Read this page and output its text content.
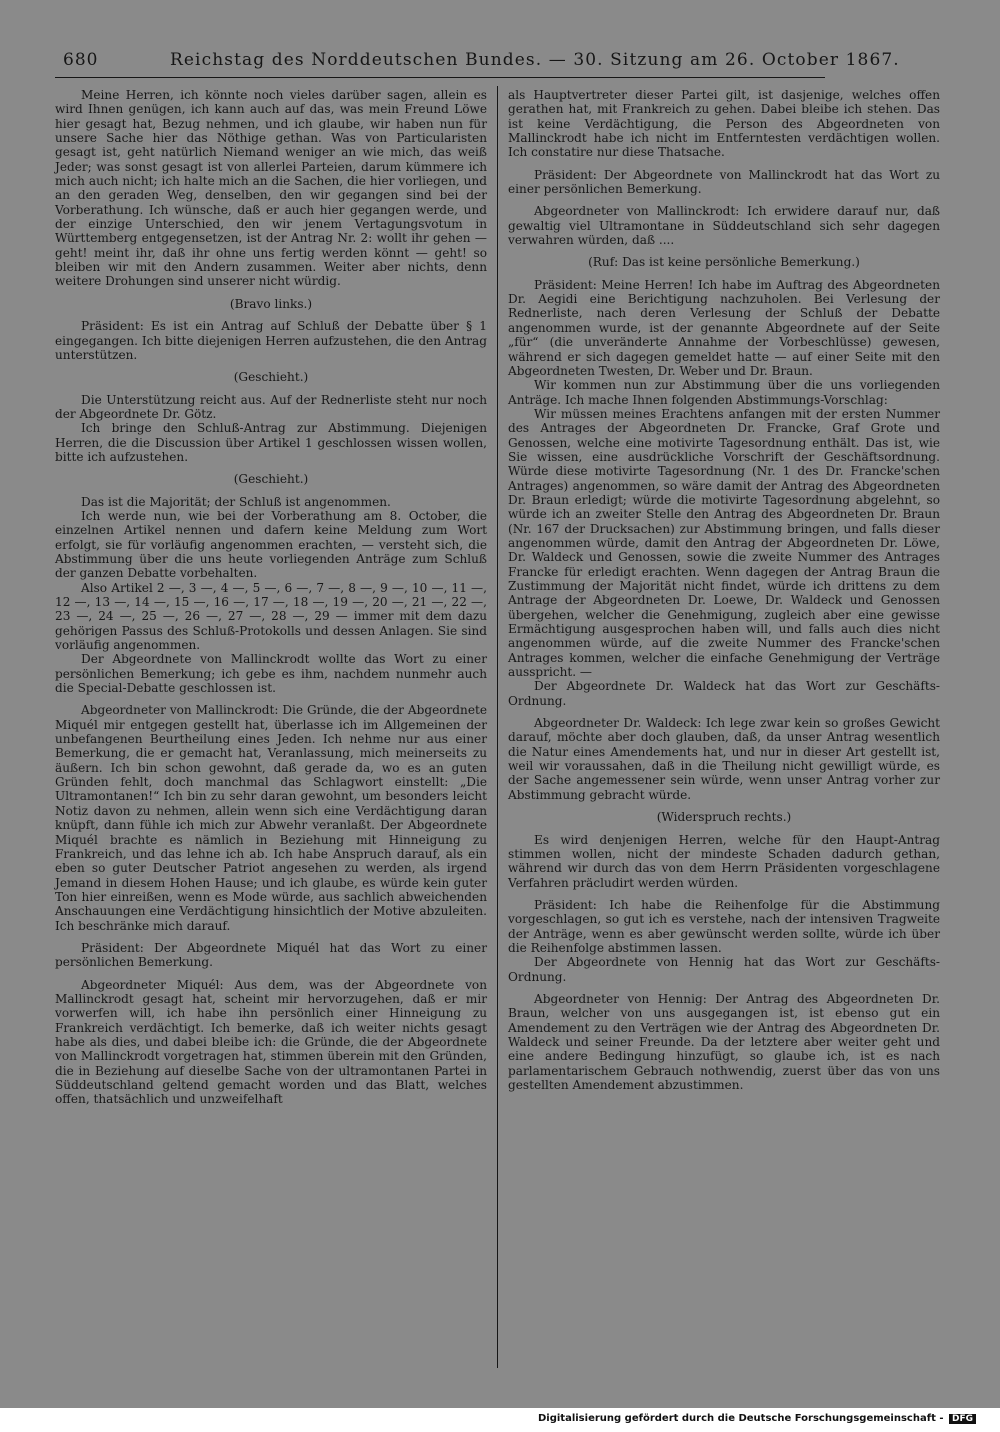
680	Reichstag des Norddeutschen Bundes. — 30. Sitzung am 26. October 1867.

Meine Herren, ich könnte noch vieles darüber sagen, allein es wird Ihnen genügen, ich kann auch auf das, was mein Freund Löwe hier gesagt hat, Bezug nehmen, und ich glaube, wir haben nun für unsere Sache hier das Nöthige gethan. Was von Particularisten gesagt ist, geht natürlich Niemand weniger an wie mich, das weiß Jeder; was sonst gesagt ist von allerlei Parteien, darum kümmere ich mich auch nicht; ich halte mich an die Sachen, die hier vorliegen, und an den geraden Weg, denselben, den wir gegangen sind bei der Vorberathung. Ich wünsche, daß er auch hier gegangen werde, und der einzige Unterschied, den wir jenem Vertagungsvotum in Württemberg entgegensetzen, ist der Antrag Nr. 2: wollt ihr gehen — geht! meint ihr, daß ihr ohne uns fertig werden könnt — geht! so bleiben wir mit den Andern zusammen. Weiter aber nichts, denn weitere Drohungen sind unserer nicht würdig.

(Bravo links.)

Präsident: Es ist ein Antrag auf Schluß der Debatte über § 1 eingegangen. Ich bitte diejenigen Herren aufzustehen, die den Antrag unterstützen.

(Geschieht.)

Die Unterstützung reicht aus. Auf der Rednerliste steht nur noch der Abgeordnete Dr. Götz.

Ich bringe den Schluß-Antrag zur Abstimmung. Diejenigen Herren, die die Discussion über Artikel 1 geschlossen wissen wollen, bitte ich aufzustehen.

(Geschieht.)

Das ist die Majorität; der Schluß ist angenommen.

Ich werde nun, wie bei der Vorberathung am 8. October, die einzelnen Artikel nennen und dafern keine Meldung zum Wort erfolgt, sie für vorläufig angenommen erachten, — versteht sich, die Abstimmung über die uns heute vorliegenden Anträge zum Schluß der ganzen Debatte vorbehalten.

Also Artikel 2 —, 3 —, 4 —, 5 —, 6 —, 7 —, 8 —, 9 —, 10 —, 11 —, 12 —, 13 —, 14 —, 15 —, 16 —, 17 —, 18 —, 19 —, 20 —, 21 —, 22 —, 23 —, 24 —, 25 —, 26 —, 27 —, 28 —, 29 — immer mit dem dazu gehörigen Passus des Schluß-Protokolls und dessen Anlagen. Sie sind vorläufig angenommen.

Der Abgeordnete von Mallinckrodt wollte das Wort zu einer persönlichen Bemerkung; ich gebe es ihm, nachdem nunmehr auch die Special-Debatte geschlossen ist.

Abgeordneter von Mallinckrodt: Die Gründe, die der Abgeordnete Miquél mir entgegen gestellt hat, überlasse ich im Allgemeinen der unbefangenen Beurtheilung eines Jeden. Ich nehme nur aus einer Bemerkung, die er gemacht hat, Veranlassung, mich meinerseits zu äußern. Ich bin schon gewohnt, daß gerade da, wo es an guten Gründen fehlt, doch manchmal das Schlagwort einstellt: „Die Ultramontanen!“ Ich bin zu sehr daran gewohnt, um besonders leicht Notiz davon zu nehmen, allein wenn sich eine Verdächtigung daran knüpft, dann fühle ich mich zur Abwehr veranlaßt. Der Abgeordnete Miquél brachte es nämlich in Beziehung mit Hinneigung zu Frankreich, und das lehne ich ab. Ich habe Anspruch darauf, als ein eben so guter Deutscher Patriot angesehen zu werden, als irgend Jemand in diesem Hohen Hause; und ich glaube, es würde kein guter Ton hier einreißen, wenn es Mode würde, aus sachlich abweichenden Anschauungen eine Verdächtigung hinsichtlich der Motive abzuleiten. Ich beschränke mich darauf.

Präsident: Der Abgeordnete Miquél hat das Wort zu einer persönlichen Bemerkung.

Abgeordneter Miquél: Aus dem, was der Abgeordnete von Mallinckrodt gesagt hat, scheint mir hervorzugehen, daß er mir vorwerfen will, ich habe ihn persönlich einer Hinneigung zu Frankreich verdächtigt. Ich bemerke, daß ich weiter nichts gesagt habe als dies, und dabei bleibe ich: die Gründe, die der Abgeordnete von Mallinckrodt vorgetragen hat, stimmen überein mit den Gründen, die in Beziehung auf dieselbe Sache von der ultramontanen Partei in Süddeutschland geltend gemacht worden und das Blatt, welches offen, thatsächlich und unzweifelhaft

als Hauptvertreter dieser Partei gilt, ist dasjenige, welches offen gerathen hat, mit Frankreich zu gehen. Dabei bleibe ich stehen. Das ist keine Verdächtigung, die Person des Abgeordneten von Mallinckrodt habe ich nicht im Entferntesten verdächtigen wollen. Ich constatire nur diese Thatsache.

Präsident: Der Abgeordnete von Mallinckrodt hat das Wort zu einer persönlichen Bemerkung.

Abgeordneter von Mallinckrodt: Ich erwidere darauf nur, daß gewaltig viel Ultramontane in Süddeutschland sich sehr dagegen verwahren würden, daß ....

(Ruf: Das ist keine persönliche Bemerkung.)

Präsident: Meine Herren! Ich habe im Auftrag des Abgeordneten Dr. Aegidi eine Berichtigung nachzuholen. Bei Verlesung der Rednerliste, nach deren Verlesung der Schluß der Debatte angenommen wurde, ist der genannte Abgeordnete auf der Seite „für“ (die unveränderte Annahme der Vorbeschlüsse) gewesen, während er sich dagegen gemeldet hatte — auf einer Seite mit den Abgeordneten Twesten, Dr. Weber und Dr. Braun.

Wir kommen nun zur Abstimmung über die uns vorliegenden Anträge. Ich mache Ihnen folgenden Abstimmungs-Vorschlag:

Wir müssen meines Erachtens anfangen mit der ersten Nummer des Antrages der Abgeordneten Dr. Francke, Graf Grote und Genossen, welche eine motivirte Tagesordnung enthält. Das ist, wie Sie wissen, eine ausdrückliche Vorschrift der Geschäftsordnung. Würde diese motivirte Tagesordnung (Nr. 1 des Dr. Francke'schen Antrages) angenommen, so wäre damit der Antrag des Abgeordneten Dr. Braun erledigt; würde die motivirte Tagesordnung abgelehnt, so würde ich an zweiter Stelle den Antrag des Abgeordneten Dr. Braun (Nr. 167 der Drucksachen) zur Abstimmung bringen, und falls dieser angenommen würde, damit den Antrag der Abgeordneten Dr. Löwe, Dr. Waldeck und Genossen, sowie die zweite Nummer des Antrages Francke für erledigt erachten. Wenn dagegen der Antrag Braun die Zustimmung der Majorität nicht findet, würde ich drittens zu dem Antrage der Abgeordneten Dr. Loewe, Dr. Waldeck und Genossen übergehen, welcher die Genehmigung, zugleich aber eine gewisse Ermächtigung ausgesprochen haben will, und falls auch dies nicht angenommen würde, auf die zweite Nummer des Francke'schen Antrages kommen, welcher die einfache Genehmigung der Verträge ausspricht. —

Der Abgeordnete Dr. Waldeck hat das Wort zur Geschäfts-Ordnung.

Abgeordneter Dr. Waldeck: Ich lege zwar kein so großes Gewicht darauf, möchte aber doch glauben, daß, da unser Antrag wesentlich die Natur eines Amendements hat, und nur in dieser Art gestellt ist, weil wir voraussahen, daß in die Theilung nicht gewilligt würde, es der Sache angemessener sein würde, wenn unser Antrag vorher zur Abstimmung gebracht würde.

(Widerspruch rechts.)

Es wird denjenigen Herren, welche für den Haupt-Antrag stimmen wollen, nicht der mindeste Schaden dadurch gethan, während wir durch das von dem Herrn Präsidenten vorgeschlagene Verfahren präcludirt werden würden.

Präsident: Ich habe die Reihenfolge für die Abstimmung vorgeschlagen, so gut ich es verstehe, nach der intensiven Tragweite der Anträge, wenn es aber gewünscht werden sollte, würde ich über die Reihenfolge abstimmen lassen.

Der Abgeordnete von Hennig hat das Wort zur Geschäfts-Ordnung.

Abgeordneter von Hennig: Der Antrag des Abgeordneten Dr. Braun, welcher von uns ausgegangen ist, ist ebenso gut ein Amendement zu den Verträgen wie der Antrag des Abgeordneten Dr. Waldeck und seiner Freunde. Da der letztere aber weiter geht und eine andere Bedingung hinzufügt, so glaube ich, ist es nach parlamentarischem Gebrauch nothwendig, zuerst über das von uns gestellten Amendement abzustimmen.

Digitalisierung gefördert durch die Deutsche Forschungsgemeinschaft - DFG
